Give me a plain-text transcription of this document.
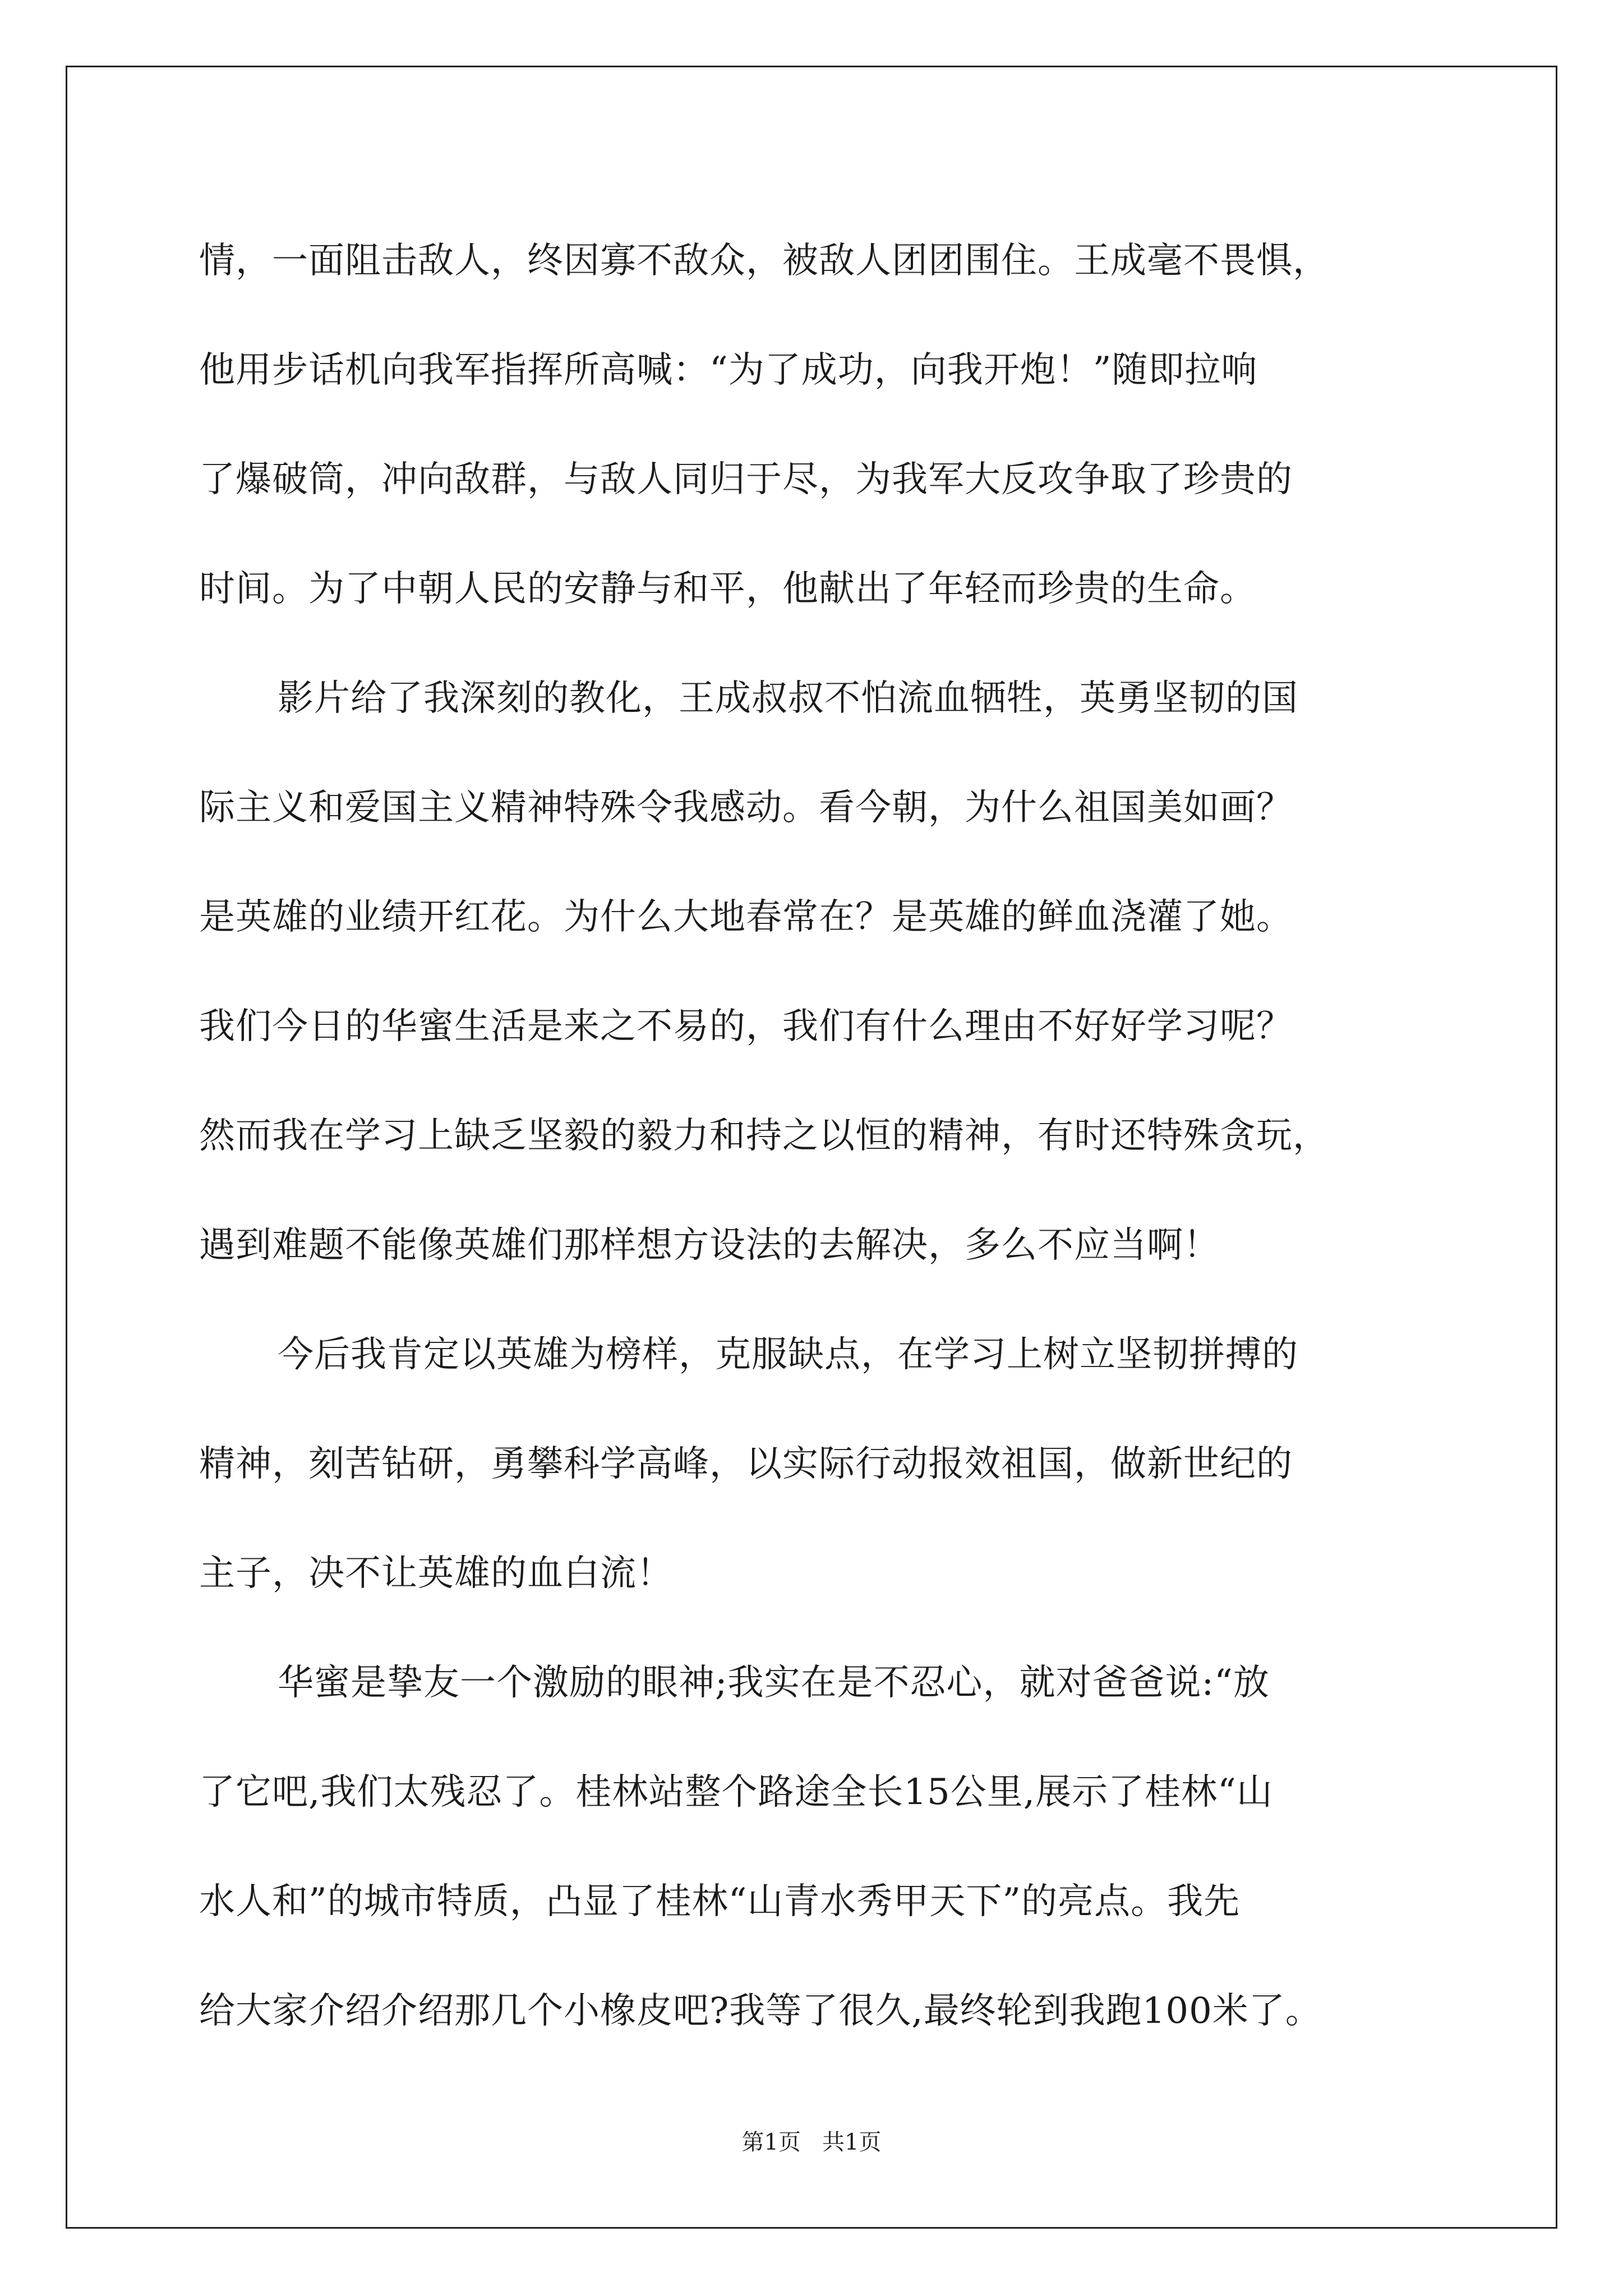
情，一面阻击敌人，终因寡不敌众，被敌人团团围住。王成毫不畏惧，
他用步话机向我军指挥所高喊：“为了成功，向我开炮！”随即拉响
了爆破筒，冲向敌群，与敌人同归于尽，为我军大反攻争取了珍贵的
时间。为了中朝人民的安静与和平，他献出了年轻而珍贵的生命。
影片给了我深刻的教化，王成叔叔不怕流血牺牲，英勇坚韧的国
际主义和爱国主义精神特殊令我感动。看今朝，为什么祖国美如画？
是英雄的业绩开红花。为什么大地春常在？是英雄的鲜血浇灌了她。
我们今日的华蜜生活是来之不易的，我们有什么理由不好好学习呢？
然而我在学习上缺乏坚毅的毅力和持之以恒的精神，有时还特殊贪玩，
遇到难题不能像英雄们那样想方设法的去解决，多么不应当啊！
今后我肯定以英雄为榜样，克服缺点，在学习上树立坚韧拼搏的
精神，刻苦钻研，勇攀科学高峰，以实际行动报效祖国，做新世纪的
主子，决不让英雄的血白流！
华蜜是挚友一个激励的眼神;我实在是不忍心，就对爸爸说:“放
了它吧,我们太残忍了。桂林站整个路途全长15公里,展示了桂林“山
水人和”的城市特质，凸显了桂林“山青水秀甲天下”的亮点。我先
给大家介绍介绍那几个小橡皮吧?我等了很久,最终轮到我跑100米了。
第1页   共1页
